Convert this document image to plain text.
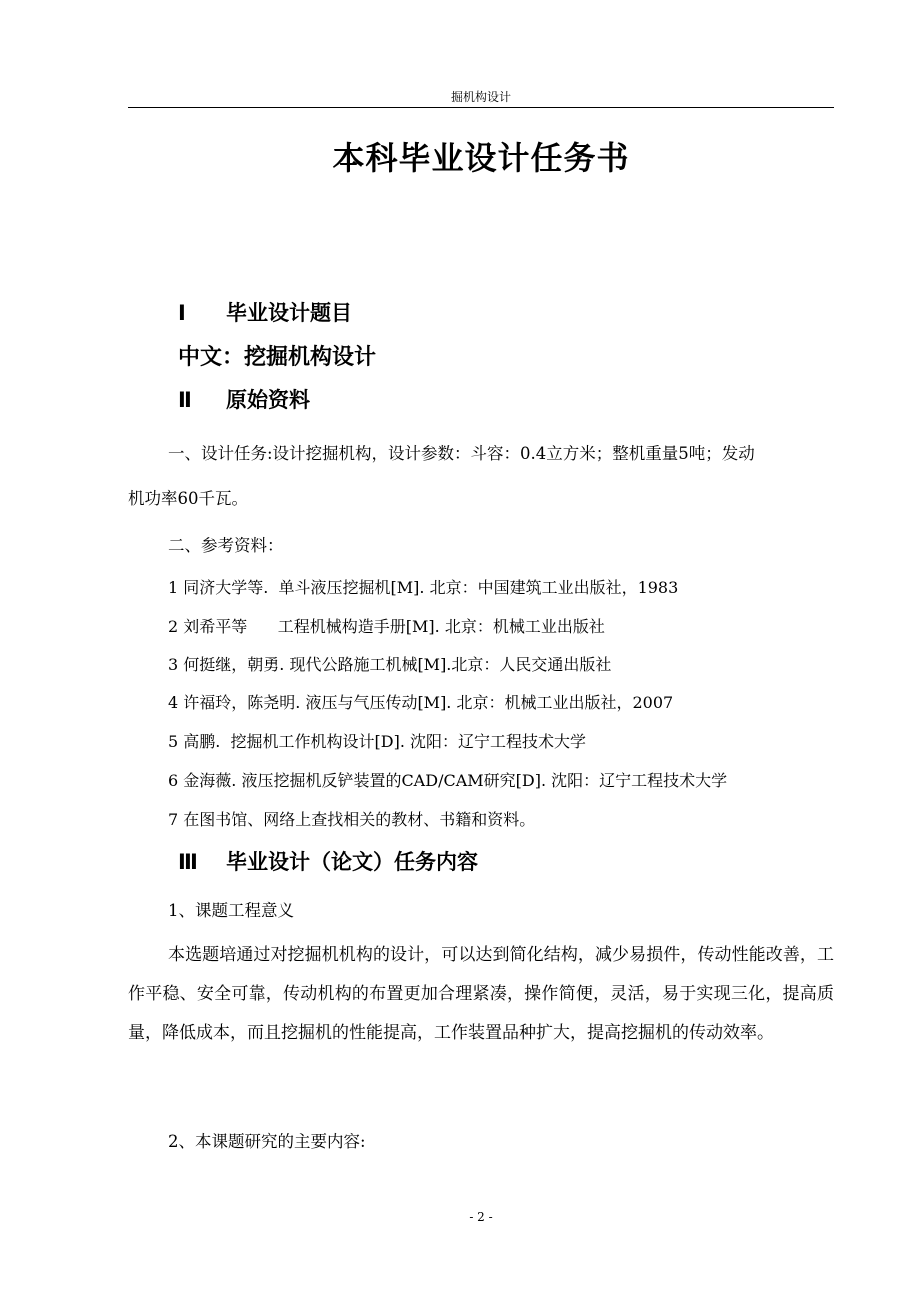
掘机构设计
本科毕业设计任务书
Ⅰ 毕业设计题目
中文：挖掘机构设计
Ⅱ 原始资料
一、设计任务:设计挖掘机构，设计参数：斗容：0.4立方米；整机重量5吨；发动
机功率60千瓦。
二、参考资料：
1 同济大学等.  单斗液压挖掘机[M]. 北京：中国建筑工业出版社，1983
2 刘希平等      工程机械构造手册[M]. 北京：机械工业出版社
3 何挺继，朝勇. 现代公路施工机械[M].北京：人民交通出版社
4 许福玲，陈尧明. 液压与气压传动[M]. 北京：机械工业出版社，2007
5 高鹏.  挖掘机工作机构设计[D]. 沈阳：辽宁工程技术大学
6 金海薇. 液压挖掘机反铲装置的CAD/CAM研究[D]. 沈阳：辽宁工程技术大学
7 在图书馆、网络上查找相关的教材、书籍和资料。
Ⅲ 毕业设计（论文）任务内容
1、课题工程意义

本选题培通过对挖掘机机构的设计，可以达到简化结构，减少易损件，传动性能改善，工作平稳、安全可靠，传动机构的布置更加合理紧凑，操作简便，灵活，易于实现三化，提高质量，降低成本，而且挖掘机的性能提高，工作装置品种扩大，提高挖掘机的传动效率。

2、本课题研究的主要内容:
- 2 -
